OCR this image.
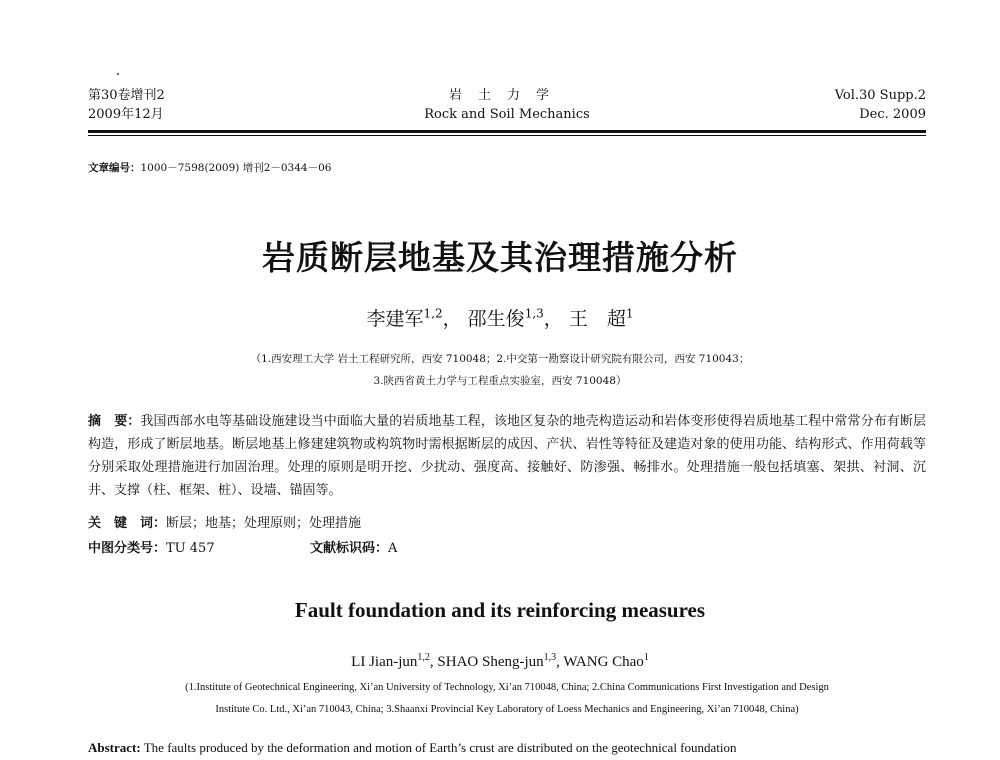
第30卷增刊2
2009年12月
岩土力学
Rock and Soil Mechanics
Vol.30 Supp.2
Dec. 2009
文章编号：1000－7598(2009) 增刊2－0344－06
岩质断层地基及其治理措施分析
李建军$^{1,2}$， 邵生俊$^{1,3}$， 王　超$^1$
（1.西安理工大学 岩土工程研究所，西安 710048；2.中交第一勘察设计研究院有限公司，西安 710043；
3.陕西省黄土力学与工程重点实验室，西安 710048）
摘　要：我国西部水电等基础设施建设当中面临大量的岩质地基工程，该地区复杂的地壳构造运动和岩体变形使得岩质地基工程中常常分布有断层构造，形成了断层地基。断层地基上修建建筑物或构筑物时需根据断层的成因、产状、岩性等特征及建造对象的使用功能、结构形式、作用荷载等分别采取处理措施进行加固治理。处理的原则是明开挖、少扰动、强度高、接触好、防渗强、畅排水。处理措施一般包括填塞、架拱、衬洞、沉井、支撑（柱、框架、桩）、设墙、锚固等。
关　键　词：断层；地基；处理原则；处理措施
中图分类号：TU 457	文献标识码：A
Fault foundation and its reinforcing measures
LI Jian-jun$^{1,2}$, SHAO Sheng-jun$^{1,3}$, WANG Chao$^1$
(1.Institute of Geotechnical Engineering, Xi’an University of Technology, Xi’an 710048, China; 2.China Communications First Investigation and Design
Institute Co. Ltd., Xi’an 710043, China; 3.Shaanxi Provincial Key Laboratory of Loess Mechanics and Engineering, Xi’an 710048, China)
Abstract: The faults produced by the deformation and motion of Earth’s crust are distributed on the geotechnical foundation
